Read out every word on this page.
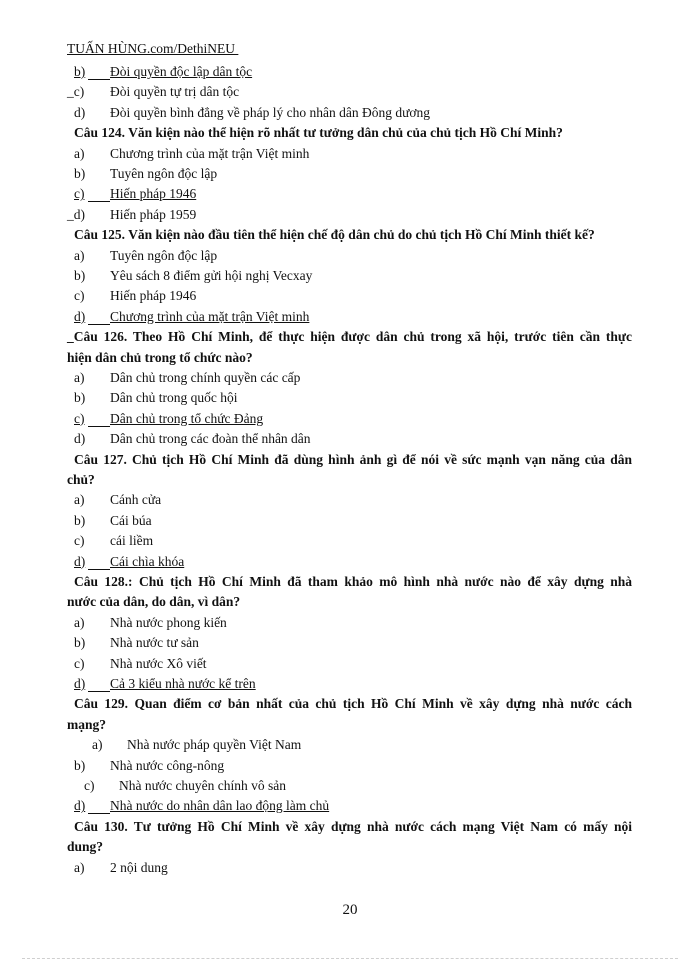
TUẤN HÙNG.com/DethiNEU
b) Đòi quyền độc lập dân tộc
_c) Đòi quyền tự trị dân tộc
d) Đòi quyền bình đẳng về pháp lý cho nhân dân Đông dương
Câu 124. Văn kiện nào thể hiện rõ nhất tư tưởng dân chủ của chủ tịch Hồ Chí Minh?
a) Chương trình của mặt trận Việt minh
b) Tuyên ngôn độc lập
c) Hiến pháp 1946
_d) Hiến pháp 1959
Câu 125. Văn kiện nào đầu tiên thể hiện chế độ dân chủ do chủ tịch Hồ Chí Minh thiết kế?
a) Tuyên ngôn độc lập
b) Yêu sách 8 điểm gửi hội nghị Vecxay
c) Hiến pháp 1946
d) Chương trình của mặt trận Việt minh
_Câu 126. Theo Hồ Chí Minh, để thực hiện được dân chủ trong xã hội, trước tiên cần thực
hiện dân chủ trong tổ chức nào?
a) Dân chủ trong chính quyền các cấp
b) Dân chủ trong quốc hội
c) Dân chủ trong tổ chức Đảng
d) Dân chủ trong các đoàn thể nhân dân
Câu 127. Chủ tịch Hồ Chí Minh đã dùng hình ảnh gì để nói về sức mạnh vạn năng của dân
chủ?
a) Cánh cửa
b) Cái búa
c) cái liềm
d) Cái chìa khóa
Câu 128.: Chủ tịch Hồ Chí Minh đã tham khảo mô hình nhà nước nào để xây dựng nhà
nước của dân, do dân, vì dân?
a) Nhà nước phong kiến
b) Nhà nước tư sản
c) Nhà nước Xô viết
d) Cả 3 kiểu nhà nước kể trên
Câu 129. Quan điểm cơ bản nhất của chủ tịch Hồ Chí Minh về xây dựng nhà nước cách
mạng?
a) Nhà nước pháp quyền Việt Nam
b) Nhà nước công-nông
c) Nhà nước chuyên chính vô sản
d) Nhà nước do nhân dân lao động làm chủ
Câu 130. Tư tưởng Hồ Chí Minh về xây dựng nhà nước cách mạng Việt Nam có mấy nội
dung?
a) 2 nội dung
20
